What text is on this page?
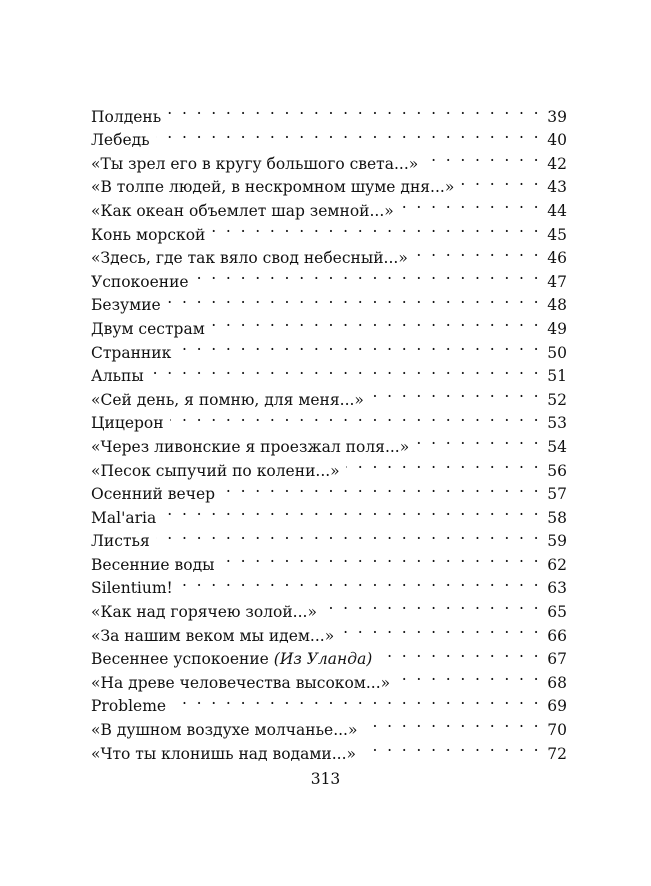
Полдень . . .	39
Лебедь . . .	40
«Ты зрел его в кругу большого света...» . . .	42
«В толпе людей, в нескромном шуме дня...» . . .	43
«Как океан объемлет шар земной...» . . .	44
Конь морской . . .	45
«Здесь, где так вяло свод небесный...» . . .	46
Успокоение . . .	47
Безумие . . .	48
Двум сестрам . . .	49
Странник . . .	50
Альпы . . .	51
«Сей день, я помню, для меня...» . . .	52
Цицерон . . .	53
«Через ливонские я проезжал поля...» . . .	54
«Песок сыпучий по колени...» . . .	56
Осенний вечер . . .	57
Mal'aria . . .	58
Листья . . .	59
Весенние воды . . .	62
Silentium! . . .	63
«Как над горячею золой...» . . .	65
«За нашим веком мы идем...» . . .	66
Весеннее успокоение (Из Уланда) . . .	67
«На древе человечества высоком...» . . .	68
Probleme . . .	69
«В душном воздухе молчанье...» . . .	70
«Что ты клонишь над водами...» . . .	72
313
